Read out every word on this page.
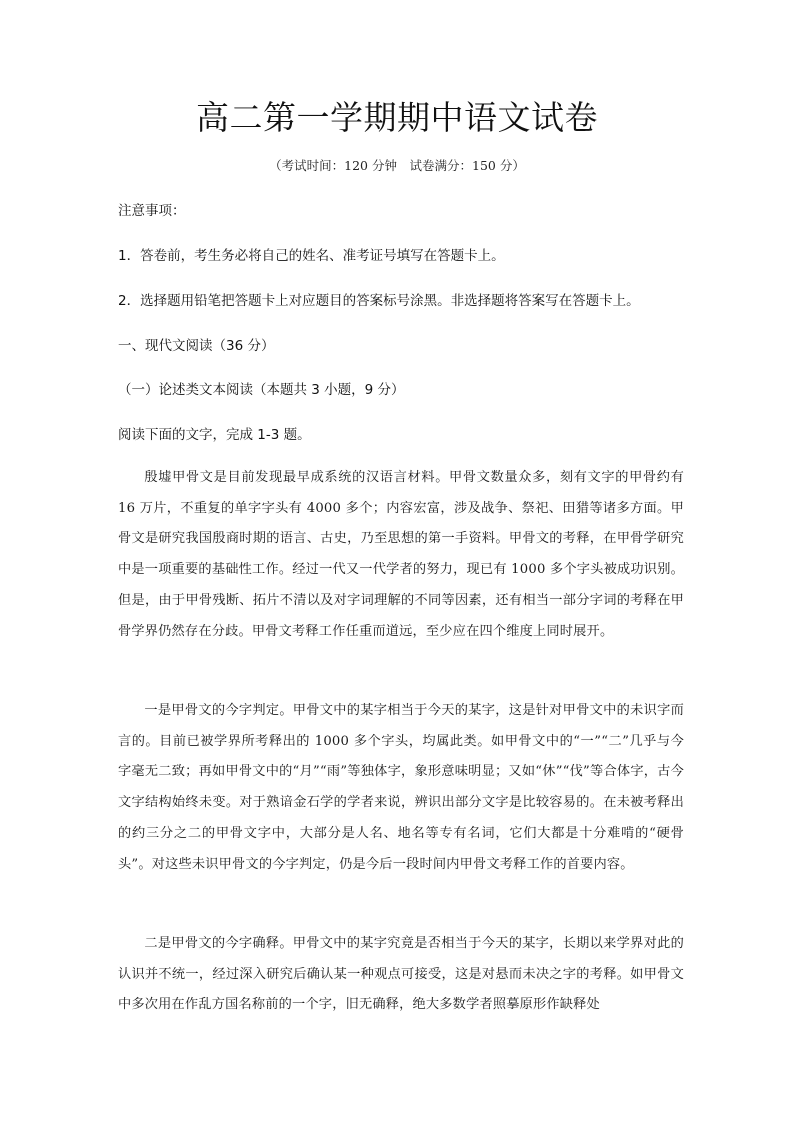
高二第一学期期中语文试卷
（考试时间：120 分钟　试卷满分：150 分）
注意事项：
1．答卷前，考生务必将自己的姓名、准考证号填写在答题卡上。
2．选择题用铅笔把答题卡上对应题目的答案标号涂黑。非选择题将答案写在答题卡上。
一、现代文阅读（36 分）
（一）论述类文本阅读（本题共 3 小题，9 分）
阅读下面的文字，完成 1-3 题。
殷墟甲骨文是目前发现最早成系统的汉语言材料。甲骨文数量众多，刻有文字的甲骨约有 16 万片，不重复的单字字头有 4000 多个；内容宏富，涉及战争、祭祀、田猎等诸多方面。甲骨文是研究我国殷商时期的语言、古史，乃至思想的第一手资料。甲骨文的考释，在甲骨学研究中是一项重要的基础性工作。经过一代又一代学者的努力，现已有 1000 多个字头被成功识别。但是，由于甲骨残断、拓片不清以及对字词理解的不同等因素，还有相当一部分字词的考释在甲骨学界仍然存在分歧。甲骨文考释工作任重而道远，至少应在四个维度上同时展开。
一是甲骨文的今字判定。甲骨文中的某字相当于今天的某字，这是针对甲骨文中的未识字而言的。目前已被学界所考释出的 1000 多个字头，均属此类。如甲骨文中的“一”“二”几乎与今字毫无二致；再如甲骨文中的“月”“雨”等独体字，象形意味明显；又如“休”“伐”等合体字，古今文字结构始终未变。对于熟谙金石学的学者来说，辨识出部分文字是比较容易的。在未被考释出的约三分之二的甲骨文字中，大部分是人名、地名等专有名词，它们大都是十分难啃的“硬骨头”。对这些未识甲骨文的今字判定，仍是今后一段时间内甲骨文考释工作的首要内容。
二是甲骨文的今字确释。甲骨文中的某字究竟是否相当于今天的某字，长期以来学界对此的认识并不统一，经过深入研究后确认某一种观点可接受，这是对悬而未决之字的考释。如甲骨文中多次用在作乱方国名称前的一个字，旧无确释，绝大多数学者照摹原形作缺释处
